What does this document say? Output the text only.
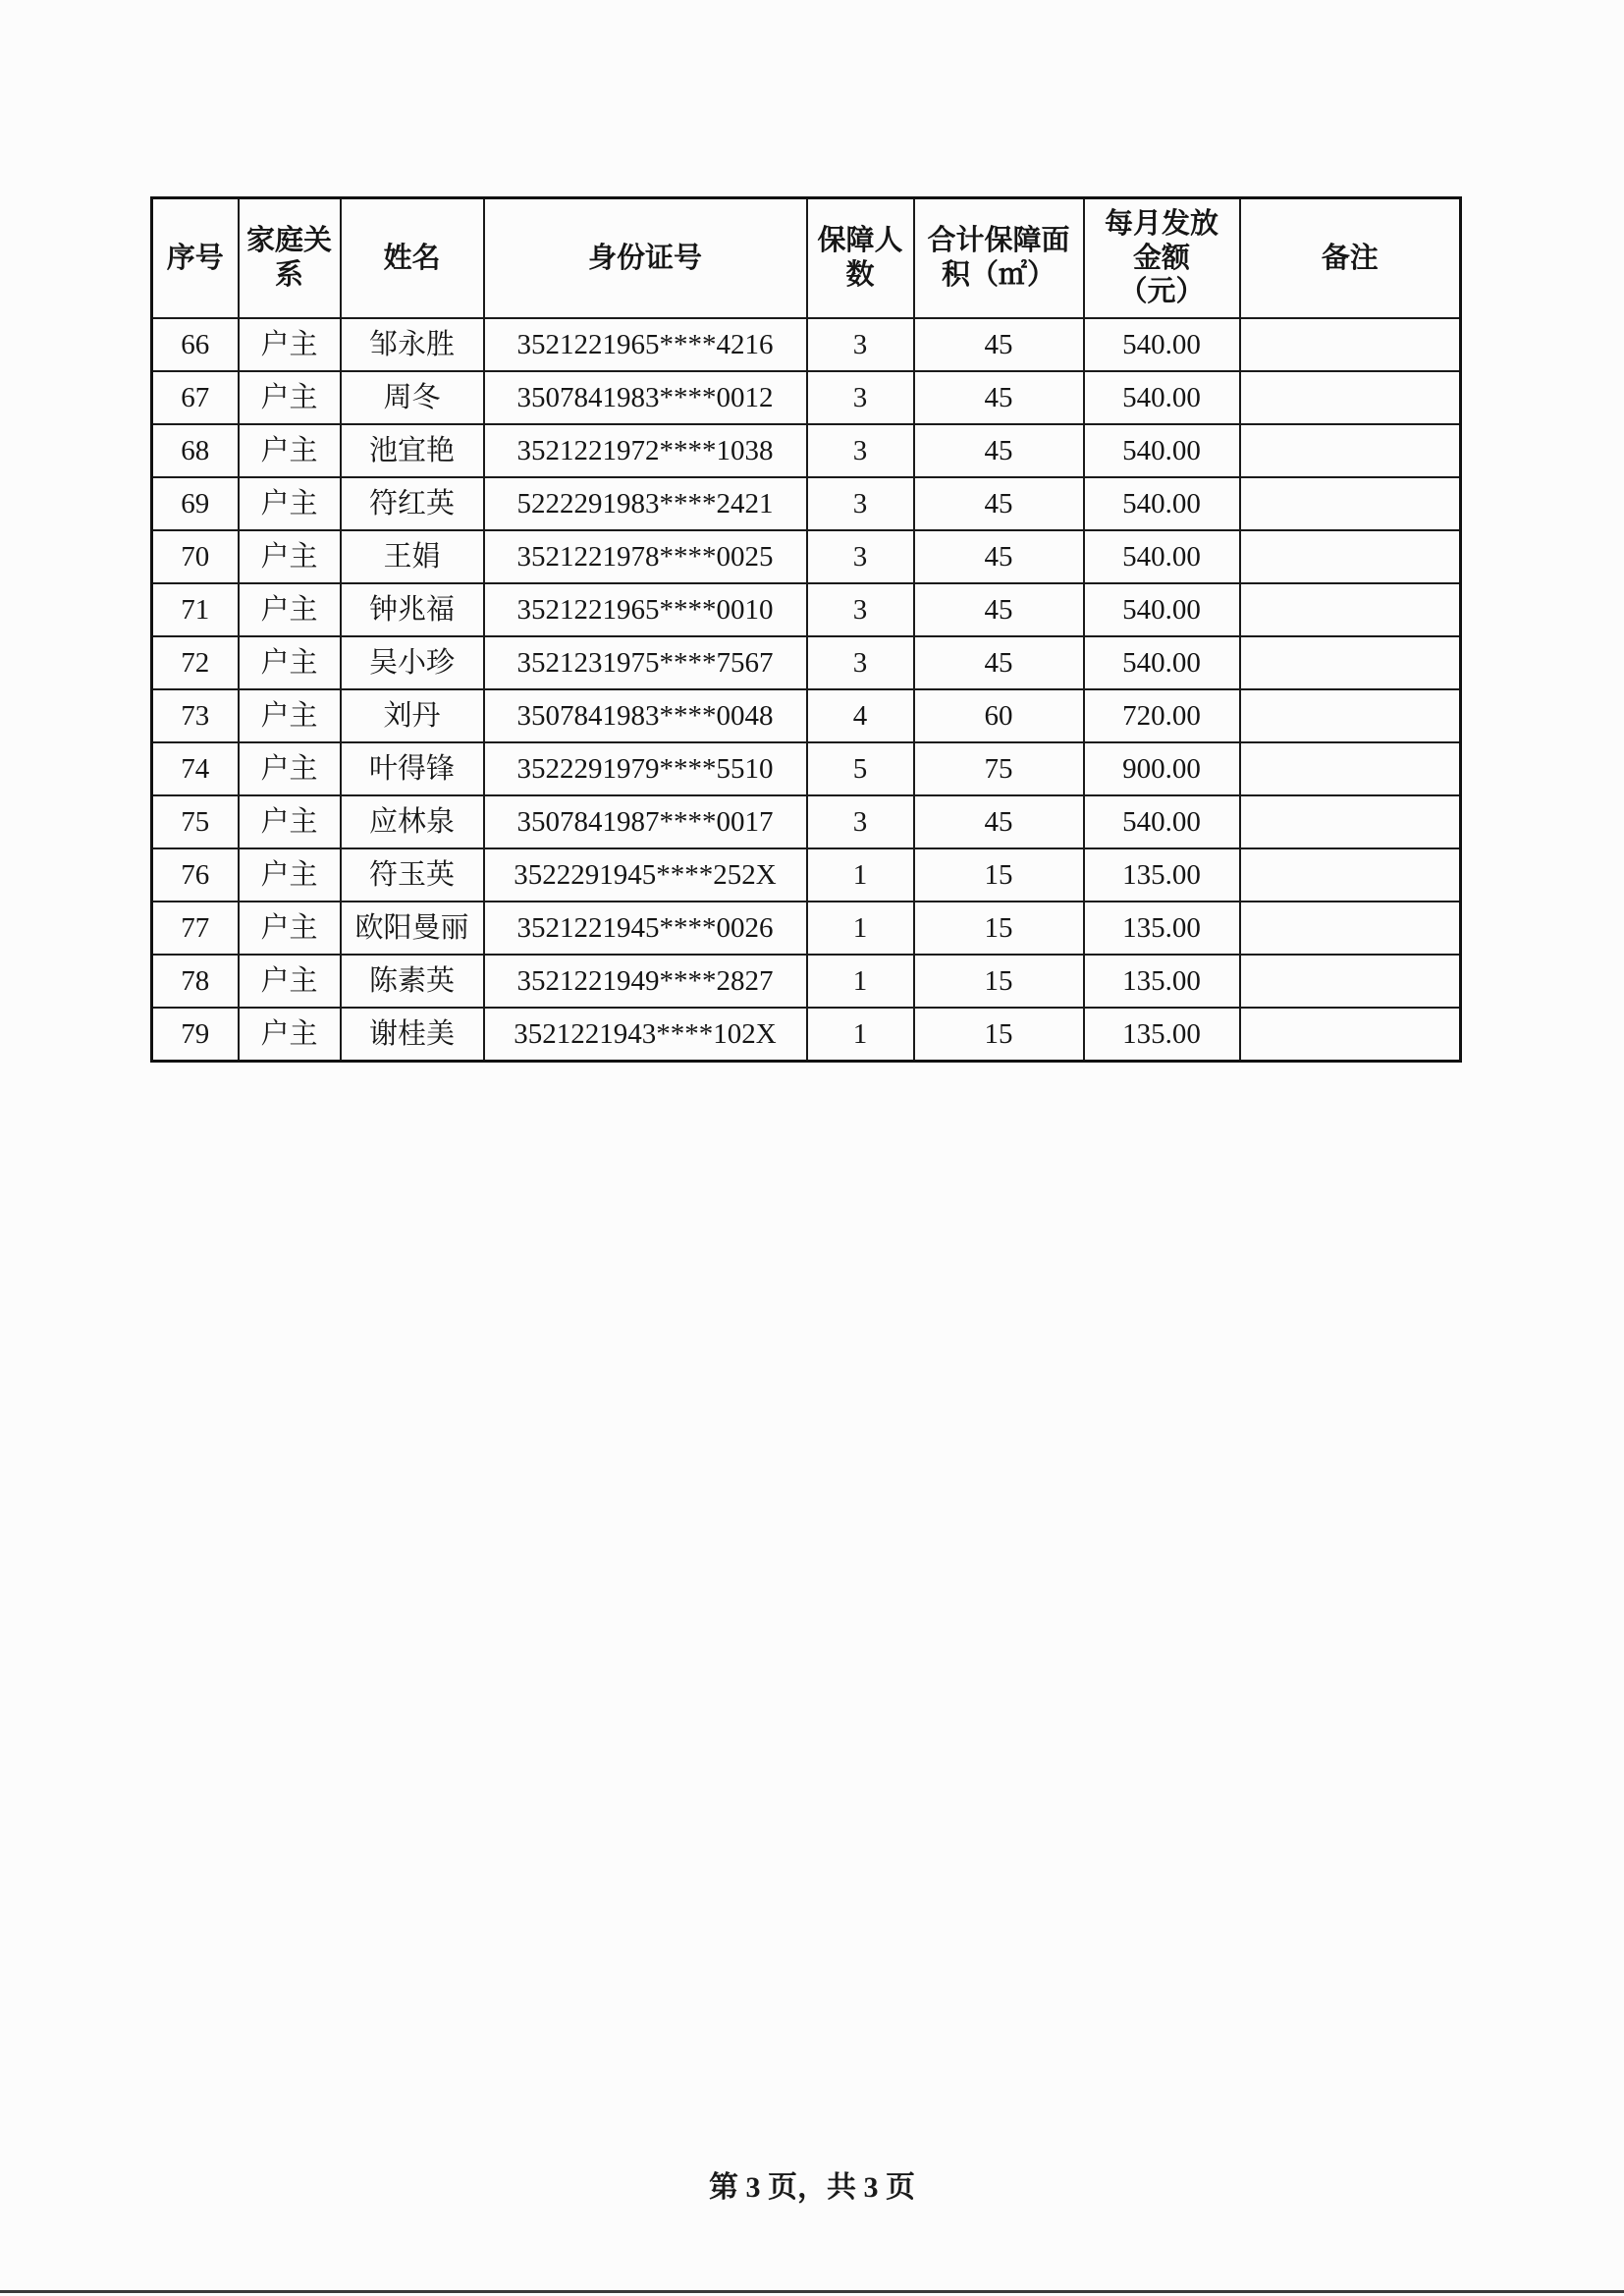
序号	家庭关系	姓名	身份证号	保障人数	合计保障面积（㎡）	每月发放金额（元）	备注
66	户主	邹永胜	3521221965****4216	3	45	540.00	
67	户主	周冬	3507841983****0012	3	45	540.00	
68	户主	池宜艳	3521221972****1038	3	45	540.00	
69	户主	符红英	5222291983****2421	3	45	540.00	
70	户主	王娟	3521221978****0025	3	45	540.00	
71	户主	钟兆福	3521221965****0010	3	45	540.00	
72	户主	吴小珍	3521231975****7567	3	45	540.00	
73	户主	刘丹	3507841983****0048	4	60	720.00	
74	户主	叶得锋	3522291979****5510	5	75	900.00	
75	户主	应林泉	3507841987****0017	3	45	540.00	
76	户主	符玉英	3522291945****252X	1	15	135.00	
77	户主	欧阳曼丽	3521221945****0026	1	15	135.00	
78	户主	陈素英	3521221949****2827	1	15	135.00	
79	户主	谢桂美	3521221943****102X	1	15	135.00	
第 3 页，共 3 页
